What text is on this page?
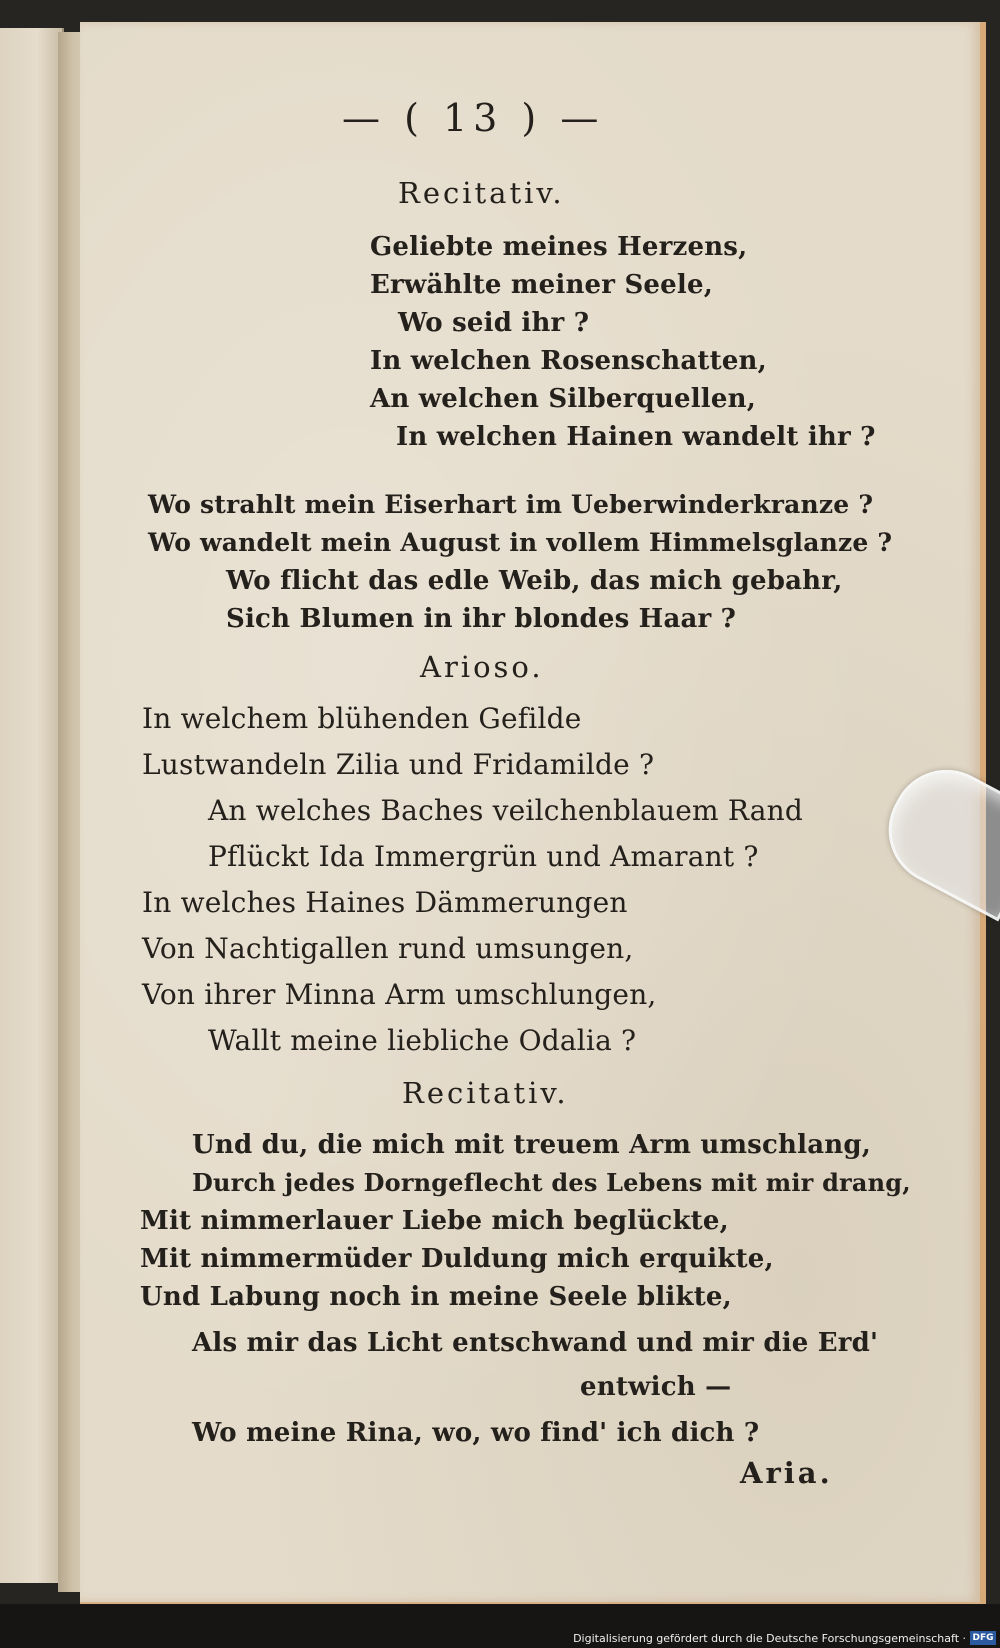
— ( 13 ) —
Recitativ.
Geliebte meines Herzens,
Erwählte meiner Seele,
Wo seid ihr ?
In welchen Rosenschatten,
An welchen Silberquellen,
In welchen Hainen wandelt ihr ?
Wo strahlt mein Eiserhart im Ueberwinderkranze ?
Wo wandelt mein August in vollem Himmelsglanze ?
Wo flicht das edle Weib, das mich gebahr,
Sich Blumen in ihr blondes Haar ?
Arioso.
In welchem blühenden Gefilde
Lustwandeln Zilia und Fridamilde ?
An welches Baches veilchenblauem Rand
Pflückt Ida Immergrün und Amarant ?
In welches Haines Dämmerungen
Von Nachtigallen rund umsungen,
Von ihrer Minna Arm umschlungen,
Wallt meine liebliche Odalia ?
Recitativ.
Und du, die mich mit treuem Arm umschlang,
Durch jedes Dorngeflecht des Lebens mit mir drang,
Mit nimmerlauer Liebe mich beglückte,
Mit nimmermüder Duldung mich erquikte,
Und Labung noch in meine Seele blikte,
Als mir das Licht entschwand und mir die Erd'
entwich —
Wo meine Rina, wo, wo find' ich dich ?
Aria.
Digitalisierung gefördert durch die Deutsche Forschungsgemeinschaft · DFG
